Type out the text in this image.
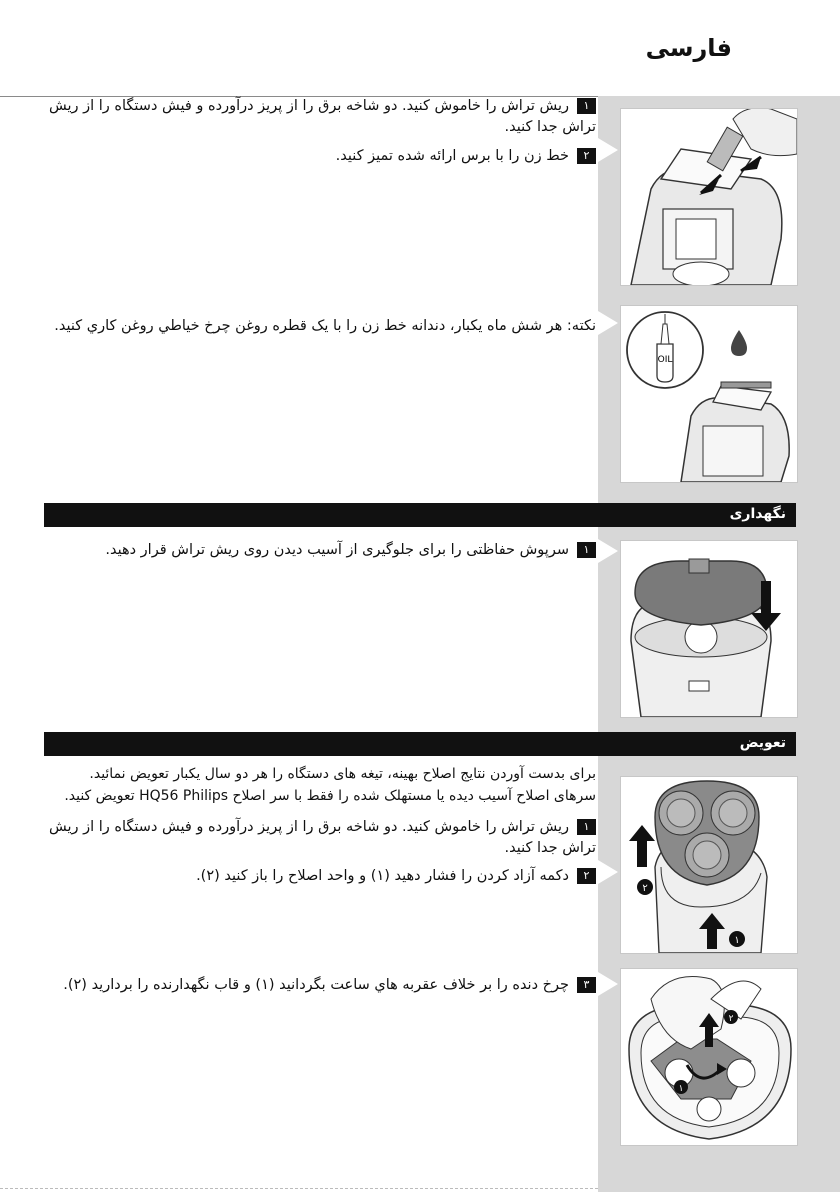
فارسی
OIL
نگهداری
تعویض
۲
۱
۲
۱
۱ریش تراش را خاموش کنید. دو شاخه برق را از پریز درآورده و فیش دستگاه را از ریش تراش جدا کنید.
۲خط زن را با برس ارائه شده تمیز کنید.
نکته: هر شش ماه یکبار، دندانه خط زن را با یک قطره روغن چرخ خیاطي روغن كاري كنيد.
۱سرپوش حفاظتی را برای جلوگیری از آسیب دیدن روی ریش تراش قرار دهید.
برای بدست آوردن نتایج اصلاح بهینه، تیغه های دستگاه را هر دو سال یکبار تعویض نمائید.
سرهای اصلاح آسیب دیده یا مستهلک شده را فقط با سر اصلاح HQ56 Philips تعویض کنید.
۱ریش تراش را خاموش کنید. دو شاخه برق را از پریز درآورده و فیش دستگاه را از ریش تراش جدا کنید.
۲دکمه آزاد کردن را فشار دهید (۱) و واحد اصلاح را باز کنید (۲).
۳چرخ دنده را بر خلاف عقربه هاي ساعت بگردانيد (۱) و قاب نگهدارنده را برداريد (۲).
